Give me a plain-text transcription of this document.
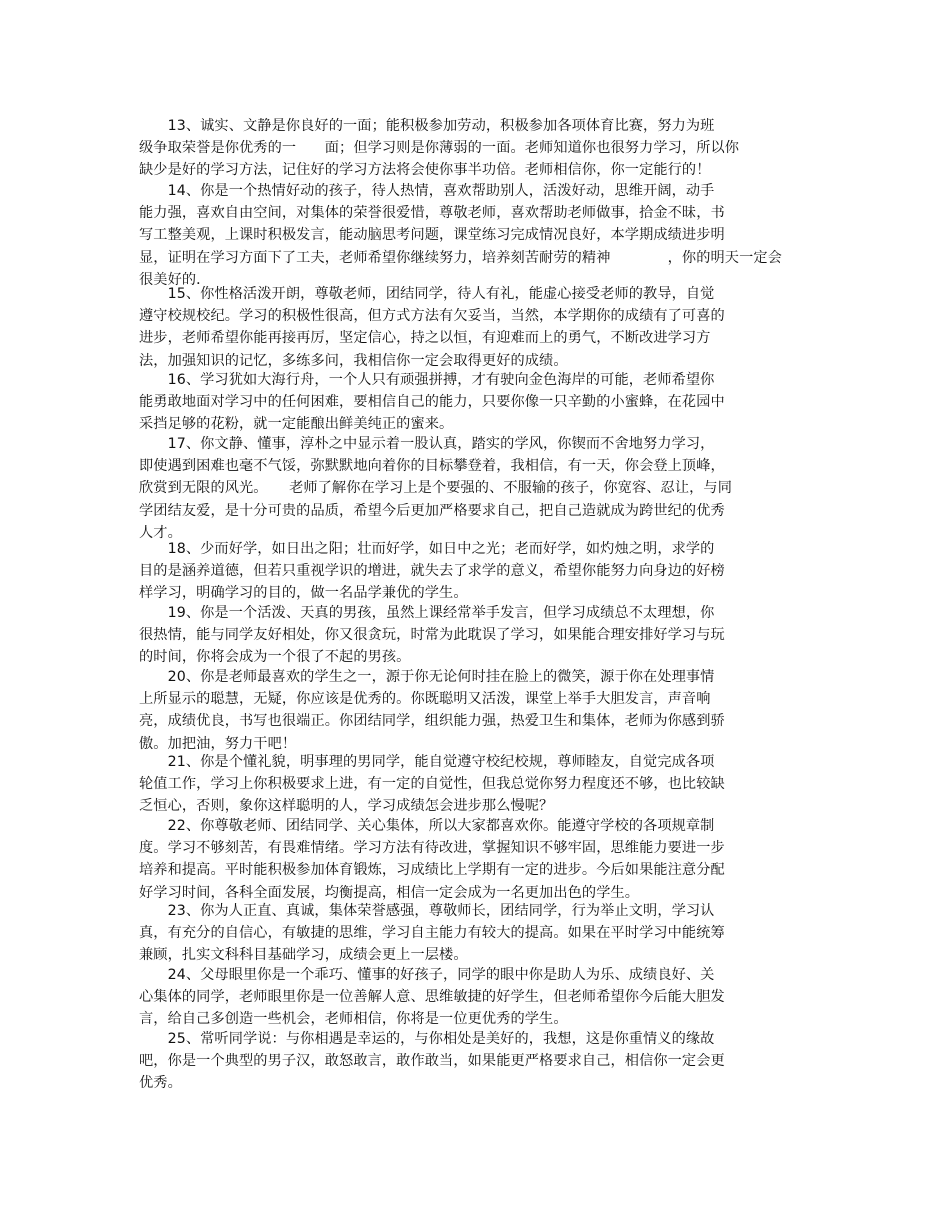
　　13、诚实、文静是你良好的一面；能积极参加劳动，积极参加各项体育比赛，努力为班
级争取荣誉是你优秀的一　　面；但学习则是你薄弱的一面。老师知道你也很努力学习，所以你
缺少是好的学习方法，记住好的学习方法将会使你事半功倍。老师相信你，你一定能行的！
　　14、你是一个热情好动的孩子，待人热情，喜欢帮助别人，活泼好动，思维开阔，动手
能力强，喜欢自由空间，对集体的荣誉很爱惜，尊敬老师，喜欢帮助老师做事，拾金不昧，书
写工整美观，上课时积极发言，能动脑思考问题，课堂练习完成情况良好，本学期成绩进步明
显，证明在学习方面下了工夫，老师希望你继续努力，培养刻苦耐劳的精神　　　　，你的明天一定会
很美好的．
　　15、你性格活泼开朗，尊敬老师，团结同学，待人有礼，能虚心接受老师的教导，自觉
遵守校规校纪。学习的积极性很高，但方式方法有欠妥当，当然，本学期你的成绩有了可喜的
进步，老师希望你能再接再厉，坚定信心，持之以恒，有迎难而上的勇气，不断改进学习方
法，加强知识的记忆，多练多问，我相信你一定会取得更好的成绩。
　　16、学习犹如大海行舟，一个人只有顽强拼搏，才有驶向金色海岸的可能，老师希望你
能勇敢地面对学习中的任何困难，要相信自己的能力，只要你像一只辛勤的小蜜蜂，在花园中
采挡足够的花粉，就一定能酿出鲜美纯正的蜜来。
　　17、你文静、懂事，淳朴之中显示着一股认真，踏实的学风，你锲而不舍地努力学习，
即使遇到困难也毫不气馁，弥默默地向着你的目标攀登着，我相信，有一天，你会登上顶峰，
欣赏到无限的风光。　　老师了解你在学习上是个要强的、不服输的孩子，你宽容、忍让，与同
学团结友爱，是十分可贵的品质，希望今后更加严格要求自己，把自己造就成为跨世纪的优秀
人才。
　　18、少而好学，如日出之阳；壮而好学，如日中之光；老而好学，如灼烛之明，求学的
目的是涵养道德，但若只重视学识的增进，就失去了求学的意义，希望你能努力向身边的好榜
样学习，明确学习的目的，做一名品学兼优的学生。
　　19、你是一个活泼、天真的男孩，虽然上课经常举手发言，但学习成绩总不太理想，你
很热情，能与同学友好相处，你又很贪玩，时常为此耽误了学习，如果能合理安排好学习与玩
的时间，你将会成为一个很了不起的男孩。
　　20、你是老师最喜欢的学生之一，源于你无论何时挂在脸上的微笑，源于你在处理事情
上所显示的聪慧，无疑，你应该是优秀的。你既聪明又活泼，课堂上举手大胆发言，声音响
亮，成绩优良，书写也很端正。你团结同学，组织能力强，热爱卫生和集体，老师为你感到骄
傲。加把油，努力干吧！
　　21、你是个懂礼貌，明事理的男同学，能自觉遵守校纪校规，尊师睦友，自觉完成各项
轮值工作，学习上你积极要求上进，有一定的自觉性，但我总觉你努力程度还不够，也比较缺
乏恒心，否则，象你这样聪明的人，学习成绩怎会进步那么慢呢？
　　22、你尊敬老师、团结同学、关心集体，所以大家都喜欢你。能遵守学校的各项规章制
度。学习不够刻苦，有畏难情绪。学习方法有待改进，掌握知识不够牢固，思维能力要进一步
培养和提高。平时能积极参加体育锻炼，习成绩比上学期有一定的进步。今后如果能注意分配
好学习时间，各科全面发展，均衡提高，相信一定会成为一名更加出色的学生。
　　23、你为人正直、真诚，集体荣誉感强，尊敬师长，团结同学，行为举止文明，学习认
真，有充分的自信心，有敏捷的思维，学习自主能力有较大的提高。如果在平时学习中能统筹
兼顾，扎实文科科目基础学习，成绩会更上一层楼。
　　24、父母眼里你是一个乖巧、懂事的好孩子，同学的眼中你是助人为乐、成绩良好、关
心集体的同学，老师眼里你是一位善解人意、思维敏捷的好学生，但老师希望你今后能大胆发
言，给自己多创造一些机会，老师相信，你将是一位更优秀的学生。
　　25、常听同学说：与你相遇是幸运的，与你相处是美好的，我想，这是你重情义的缘故
吧，你是一个典型的男子汉，敢怒敢言，敢作敢当，如果能更严格要求自己，相信你一定会更
优秀。
